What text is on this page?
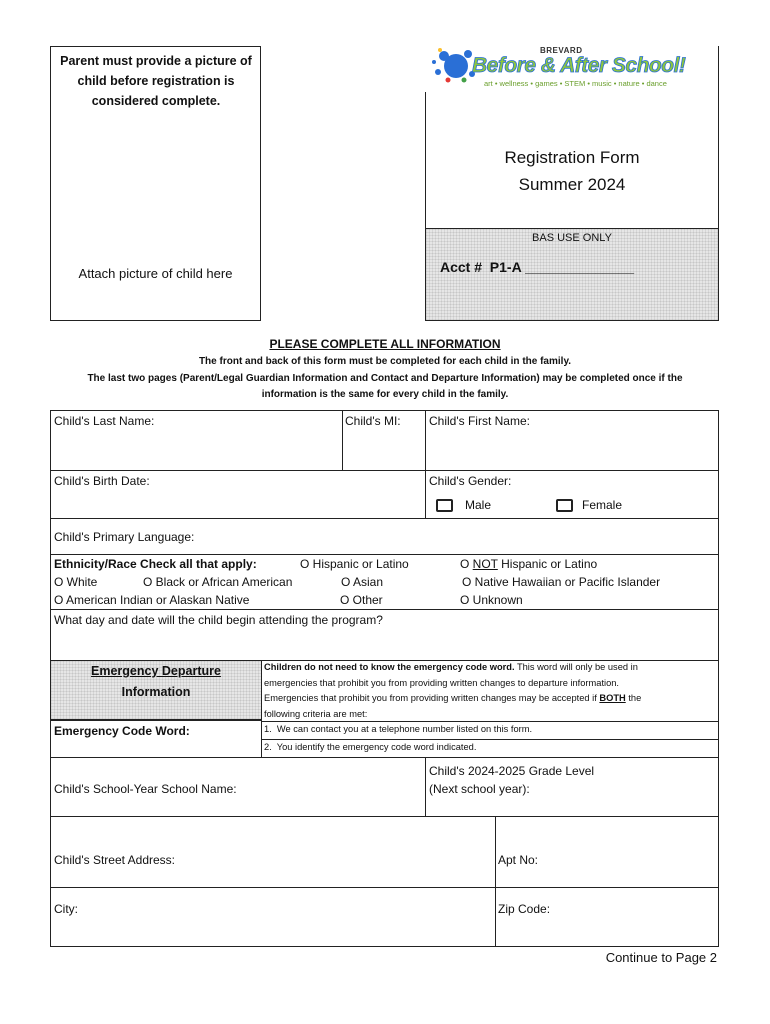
Parent must provide a picture of child before registration is considered complete.
Attach picture of child here
BREVARD
Before & After School!
art • wellness • games • STEM • music • nature • dance
Registration Form
Summer 2024
BAS USE ONLY
Acct #  P1-A ______________
PLEASE COMPLETE ALL INFORMATION
The front and back of this form must be completed for each child in the family.
The last two pages (Parent/Legal Guardian Information and Contact and Departure Information) may be completed once if the
information is the same for every child in the family.
Child's Last Name:	Child's MI: Child's First Name:
Child's Birth Date:	Child's Gender:
Male	Female
Child's Primary Language:
Ethnicity/Race Check all that apply:	O Hispanic or Latino	O NOT Hispanic or Latino
O White	O Black or African American	O Asian	O Native Hawaiian or Pacific Islander
O American Indian or Alaskan Native	O Other	O Unknown
What day and date will the child begin attending the program?
Emergency Departure
Information
Emergency Code Word:
Children do not need to know the emergency code word. This word will only be used in
emergencies that prohibit you from providing written changes to departure information.
Emergencies that prohibit you from providing written changes may be accepted if BOTH the
following criteria are met:
1.  We can contact you at a telephone number listed on this form.
2.  You identify the emergency code word indicated.
Child's School-Year School Name:
Child's 2024-2025 Grade Level
(Next school year):
Child's Street Address:	Apt No:
City:	Zip Code:
Continue to Page 2
